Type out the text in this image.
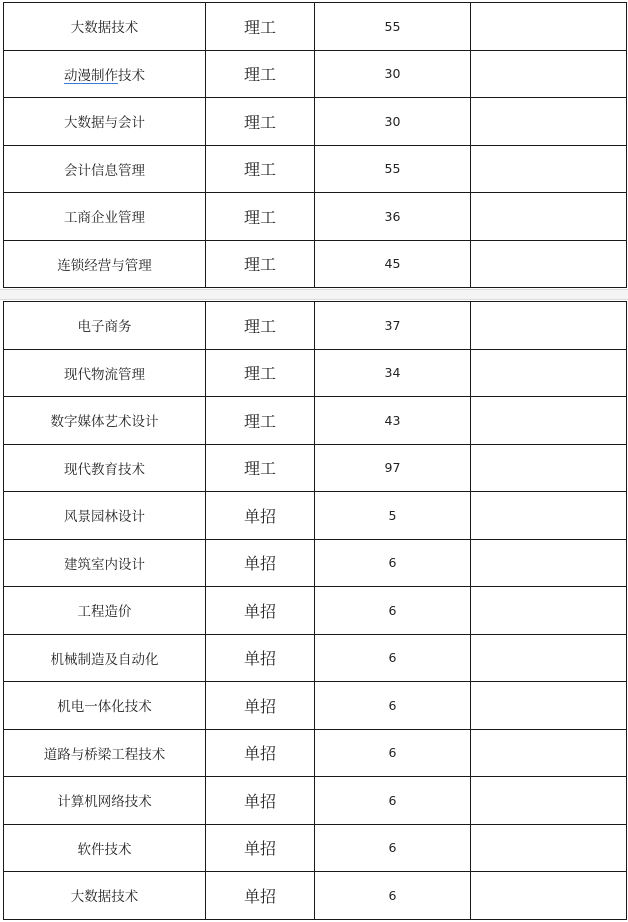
大数据技术	理工	55	
动漫制作技术	理工	30	
大数据与会计	理工	30	
会计信息管理	理工	55	
工商企业管理	理工	36	
连锁经营与管理	理工	45	
电子商务	理工	37	
现代物流管理	理工	34	
数字媒体艺术设计	理工	43	
现代教育技术	理工	97	
风景园林设计	单招	5	
建筑室内设计	单招	6	
工程造价	单招	6	
机械制造及自动化	单招	6	
机电一体化技术	单招	6	
道路与桥梁工程技术	单招	6	
计算机网络技术	单招	6	
软件技术	单招	6	
大数据技术	单招	6	
